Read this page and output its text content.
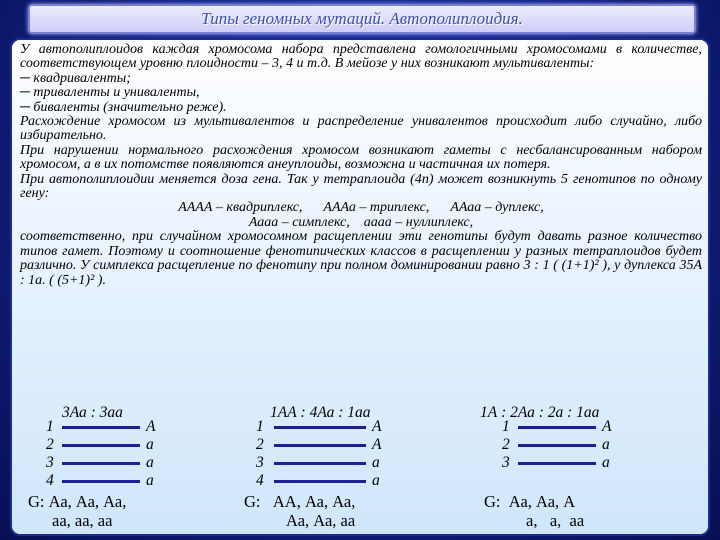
Типы геномных мутаций. Автополиплоидия.

У автополиплоидов каждая хромосома набора представлена гомологичными хромосомами в количестве, соответствующем уровню плоидности – 3, 4 и т.д. В мейозе у них возникают мультиваленты:

─ квадриваленты;

─ триваленты и униваленты,

─ биваленты (значительно реже).

Расхождение хромосом из мультивалентов и распределение унивалентов происходит либо случайно, либо избирательно.

При нарушении нормального расхождения хромосом возникают гаметы с несбалансированным набором хромосом, а в их потомстве появляются анеуплоиды, возможна и частичная их потеря.

При автополиплоидии меняется доза гена. Так у тетраплоида (4n) может возникнуть 5 генотипов по одному гену:

АААА – квадриплекс,      АААа – триплекс,      ААаа – дуплекс,

Аааа – симплекс,    аааа – нуллиплекс,

соответственно, при случайном хромосомном расщеплении эти генотипы будут давать разное количество типов гамет. Поэтому и соотношение фенотипических классов в расщеплении у разных тетраплоидов будет различно. У симплекса расщепление по фенотипу при полном доминировании равно 3 : 1 ( (1+1)² ), у дуплекса 35А : 1а. ( (5+1)² ).

3Аа : 3аа
1	А
2	а
3	а
4	а
G: Аа, Аа, Аа,
аа, аа, аа
1АА : 4Аа : 1аа
1	А
2	А
3	а
4	а
G:   АА, Аа, Аа,
Аа, Аа, аа
1А : 2Аа : 2а : 1аа
1	А
2	а
3	а
G:  Аа, Аа, А
а,   а,  аа
